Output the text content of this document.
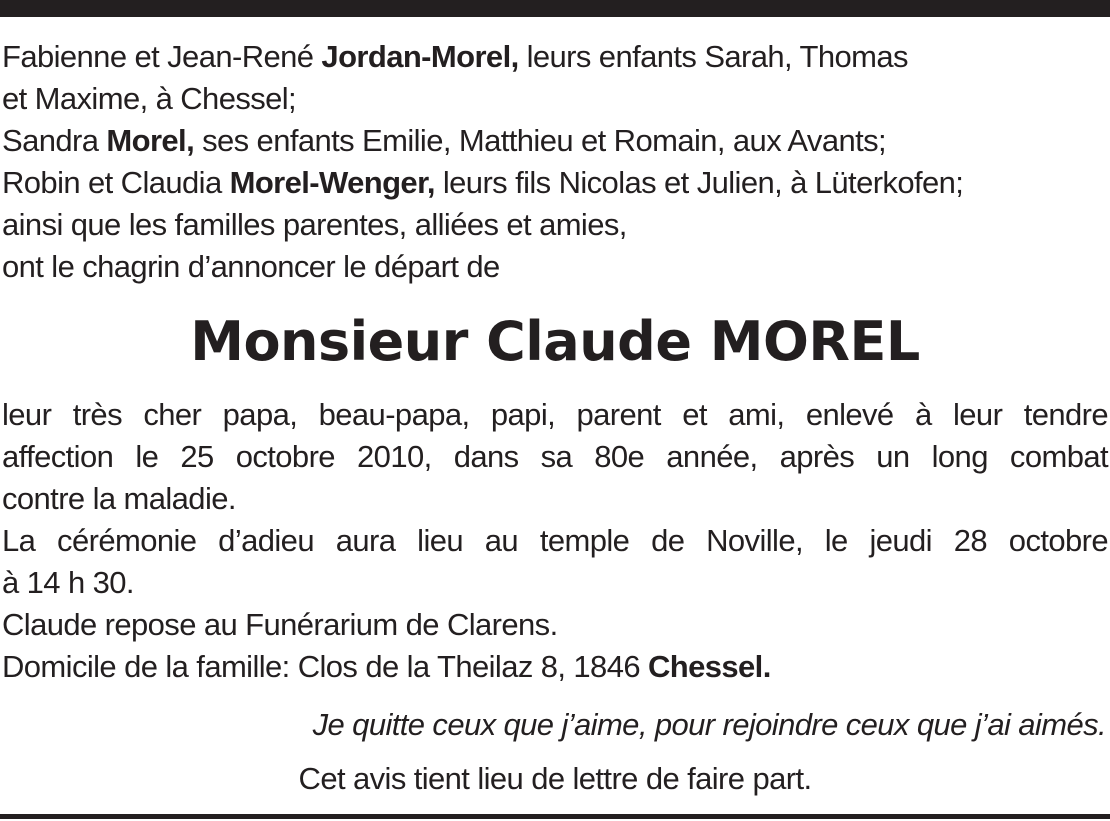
Fabienne et Jean-René Jordan-Morel, leurs enfants Sarah, Thomas
et Maxime, à Chessel;
Sandra Morel, ses enfants Emilie, Matthieu et Romain, aux Avants;
Robin et Claudia Morel-Wenger, leurs fils Nicolas et Julien, à Lüterkofen;
ainsi que les familles parentes, alliées et amies,
ont le chagrin d’annoncer le départ de
Monsieur Claude MOREL
leur très cher papa, beau-papa, papi, parent et ami, enlevé à leur tendre
affection le 25 octobre 2010, dans sa 80e année, après un long combat
contre la maladie.
La cérémonie d’adieu aura lieu au temple de Noville, le jeudi 28 octobre
à 14 h 30.
Claude repose au Funérarium de Clarens.
Domicile de la famille: Clos de la Theilaz 8, 1846 Chessel.
Je quitte ceux que j’aime, pour rejoindre ceux que j’ai aimés.
Cet avis tient lieu de lettre de faire part.
